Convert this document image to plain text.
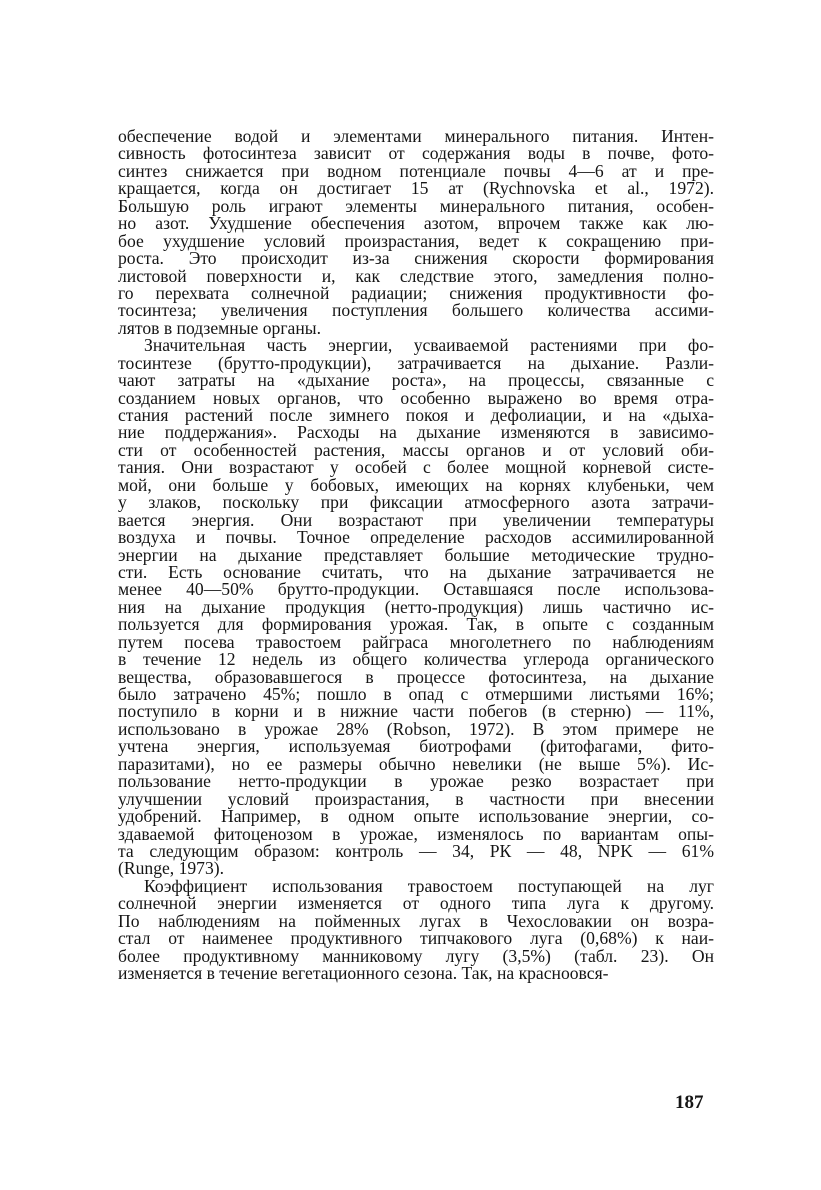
обеспечение водой и элементами минерального питания. Интен-
сивность фотосинтеза зависит от содержания воды в почве, фото-
синтез снижается при водном потенциале почвы 4—6 ат и пре-
кращается, когда он достигает 15 ат (Rychnovska et al., 1972).
Большую роль играют элементы минерального питания, особен-
но азот. Ухудшение обеспечения азотом, впрочем также как лю-
бое ухудшение условий произрастания, ведет к сокращению при-
роста. Это происходит из-за снижения скорости формирования
листовой поверхности и, как следствие этого, замедления полно-
го перехвата солнечной радиации; снижения продуктивности фо-
тосинтеза; увеличения поступления большего количества ассими-
лятов в подземные органы.
Значительная часть энергии, усваиваемой растениями при фо-
тосинтезе (брутто-продукции), затрачивается на дыхание. Разли-
чают затраты на «дыхание роста», на процессы, связанные с
созданием новых органов, что особенно выражено во время отра-
стания растений после зимнего покоя и дефолиации, и на «дыха-
ние поддержания». Расходы на дыхание изменяются в зависимо-
сти от особенностей растения, массы органов и от условий оби-
тания. Они возрастают у особей с более мощной корневой систе-
мой, они больше у бобовых, имеющих на корнях клубеньки, чем
у злаков, поскольку при фиксации атмосферного азота затрачи-
вается энергия. Они возрастают при увеличении температуры
воздуха и почвы. Точное определение расходов ассимилированной
энергии на дыхание представляет большие методические трудно-
сти. Есть основание считать, что на дыхание затрачивается не
менее 40—50% брутто-продукции. Оставшаяся после использова-
ния на дыхание продукция (нетто-продукция) лишь частично ис-
пользуется для формирования урожая. Так, в опыте с созданным
путем посева травостоем райграса многолетнего по наблюдениям
в течение 12 недель из общего количества углерода органического
вещества, образовавшегося в процессе фотосинтеза, на дыхание
было затрачено 45%; пошло в опад с отмершими листьями 16%;
поступило в корни и в нижние части побегов (в стерню) — 11%,
использовано в урожае 28% (Robson, 1972). В этом примере не
учтена энергия, используемая биотрофами (фитофагами, фито-
паразитами), но ее размеры обычно невелики (не выше 5%). Ис-
пользование нетто-продукции в урожае резко возрастает при
улучшении условий произрастания, в частности при внесении
удобрений. Например, в одном опыте использование энергии, со-
здаваемой фитоценозом в урожае, изменялось по вариантам опы-
та следующим образом: контроль — 34, РК — 48, NPK — 61%
(Runge, 1973).
Коэффициент использования травостоем поступающей на луг
солнечной энергии изменяется от одного типа луга к другому.
По наблюдениям на пойменных лугах в Чехословакии он возра-
стал от наименее продуктивного типчакового луга (0,68%) к наи-
более продуктивному манниковому лугу (3,5%) (табл. 23). Он
изменяется в течение вегетационного сезона. Так, на красноовся-
187
